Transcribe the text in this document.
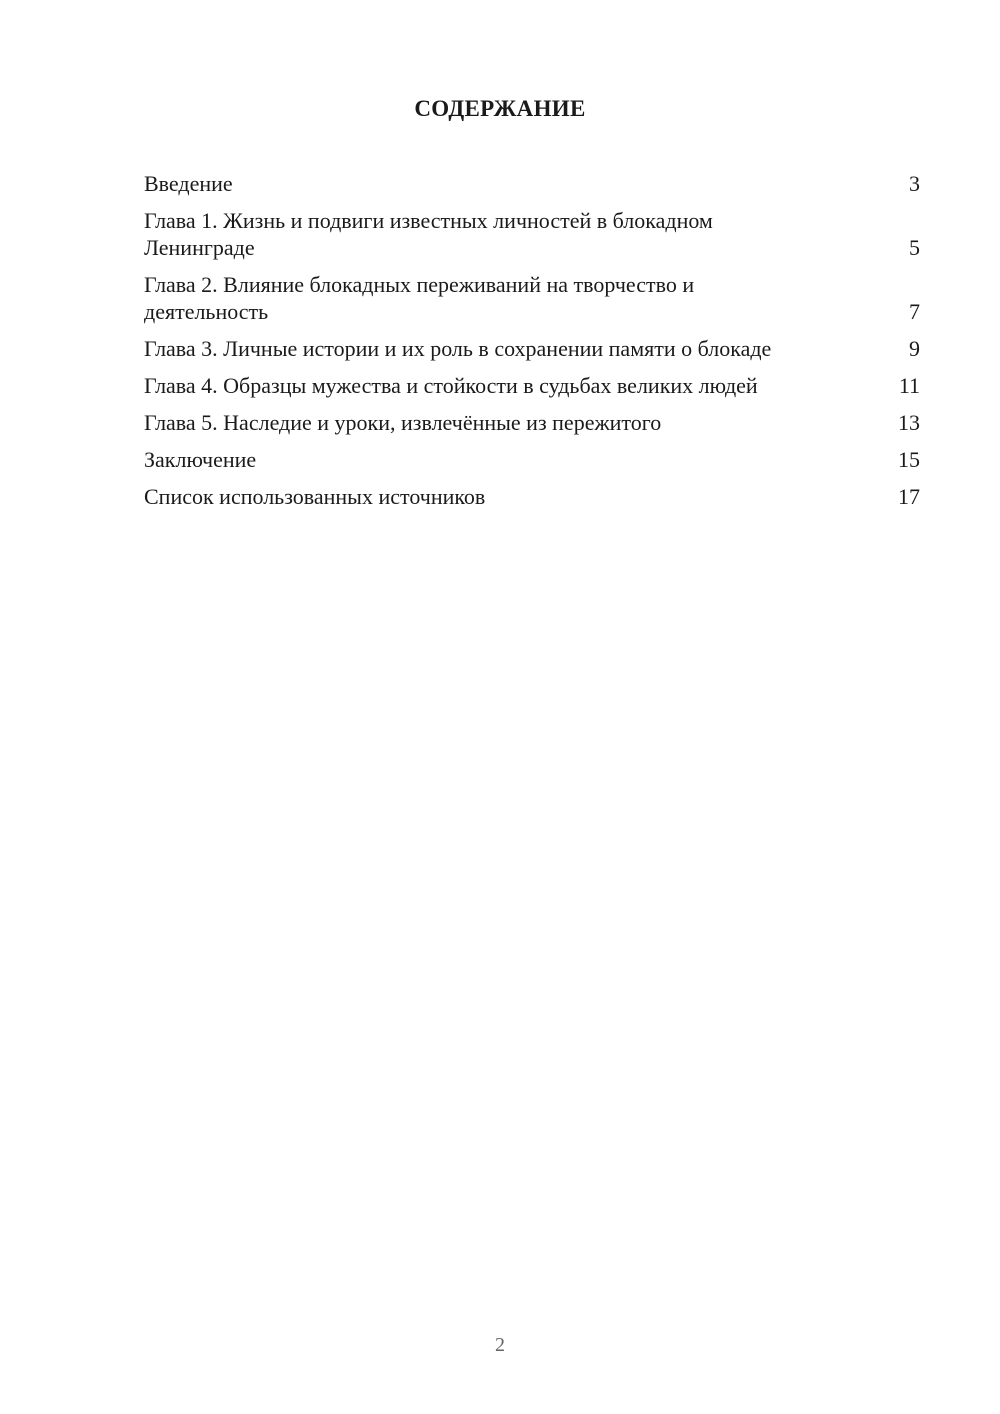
СОДЕРЖАНИЕ
Введение	3
Глава 1. Жизнь и подвиги известных личностей в блокадном Ленинграде	5
Глава 2. Влияние блокадных переживаний на творчество и деятельность	7
Глава 3. Личные истории и их роль в сохранении памяти о блокаде	9
Глава 4. Образцы мужества и стойкости в судьбах великих людей	11
Глава 5. Наследие и уроки, извлечённые из пережитого	13
Заключение	15
Список использованных источников	17
2
